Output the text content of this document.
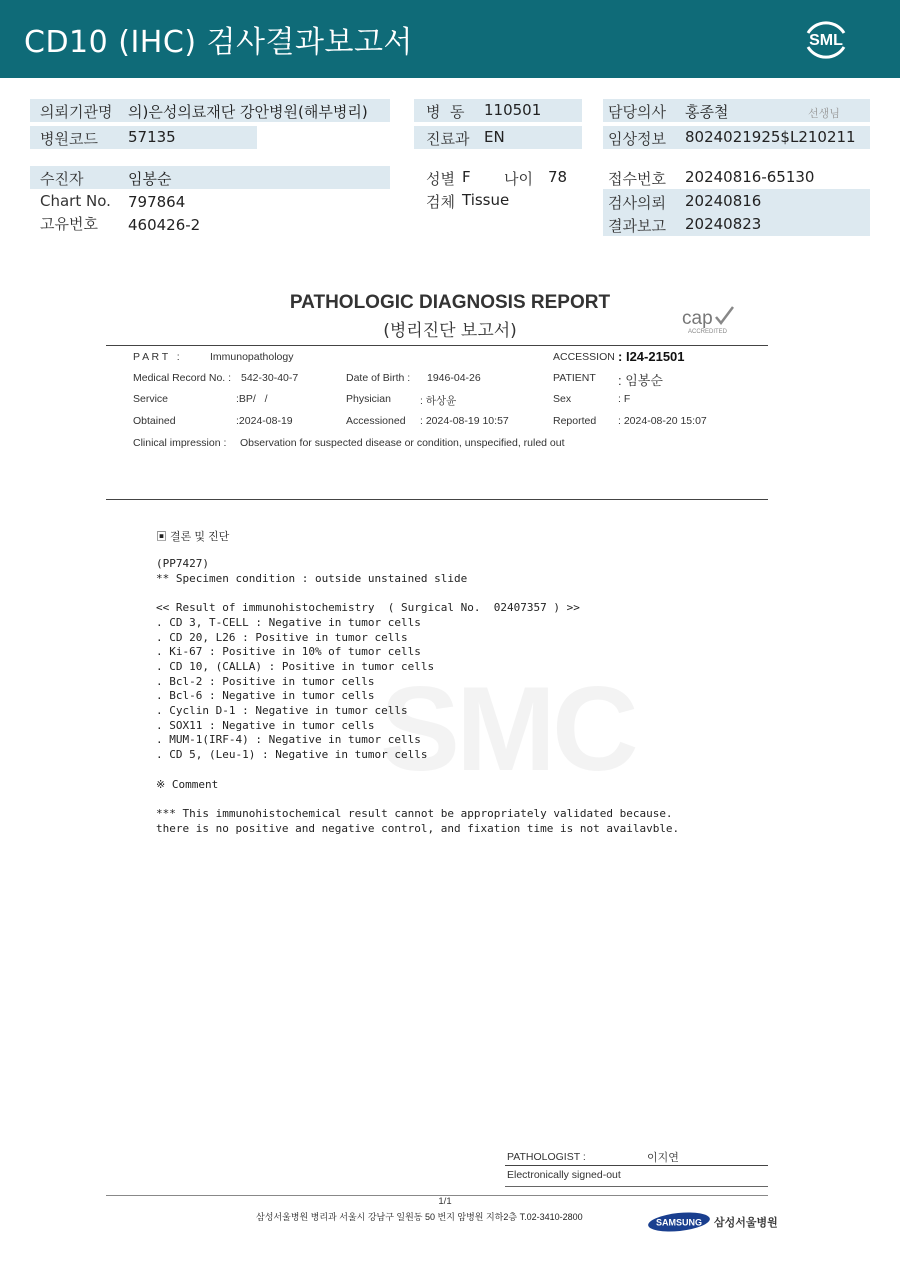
CD10 (IHC) 검사결과보고서	SML
의뢰기관명 의)은성의료재단 강안병원(해부병리)
병원코드 57135
병  동 110501
진료과 EN
담당의사 홍종철	선생님
임상정보 8024021925$L210211
수진자	임봉순
Chart No. 797864
고유번호 460426-2
성별 F 나이 78
검체 Tissue
접수번호 20240816-65130
검사의뢰 20240816
결과보고 20240823
PATHOLOGIC DIAGNOSIS REPORT
(병리진단 보고서)
cap
ACCREDITED
P A R T   :	Immunopathology	ACCESSION : I24-21501
Medical Record No. : 542-30-40-7	Date of Birth : 1946-04-26	PATIENT : 임봉순
Service	:BP/   /	Physician	: 하상윤	Sex	: F
Obtained	:2024-08-19	Accessioned : 2024-08-19 10:57	Reported : 2024-08-20 15:07
Clinical impression : Observation for suspected disease or condition, unspecified, ruled out
▣ 결론 및 진단
(PP7427)
** Specimen condition : outside unstained slide
<< Result of immunohistochemistry  ( Surgical No.  02407357 ) >>
. CD 3, T-CELL : Negative in tumor cells
. CD 20, L26 : Positive in tumor cells
. Ki-67 : Positive in 10% of tumor cells
. CD 10, (CALLA) : Positive in tumor cells
. Bcl-2 : Positive in tumor cells
. Bcl-6 : Negative in tumor cells
. Cyclin D-1 : Negative in tumor cells
. SOX11 : Negative in tumor cells
. MUM-1(IRF-4) : Negative in tumor cells
. CD 5, (Leu-1) : Negative in tumor cells
※ Comment
*** This immunohistochemical result cannot be appropriately validated because.
there is no positive and negative control, and fixation time is not availavble.
PATHOLOGIST :	이지연
Electronically signed-out
1/1
삼성서울병원 병리과 서울시 강남구 일원동 50 번지 암병원 지하2층 T.02-3410-2800
SAMSUNG 삼성서울병원
